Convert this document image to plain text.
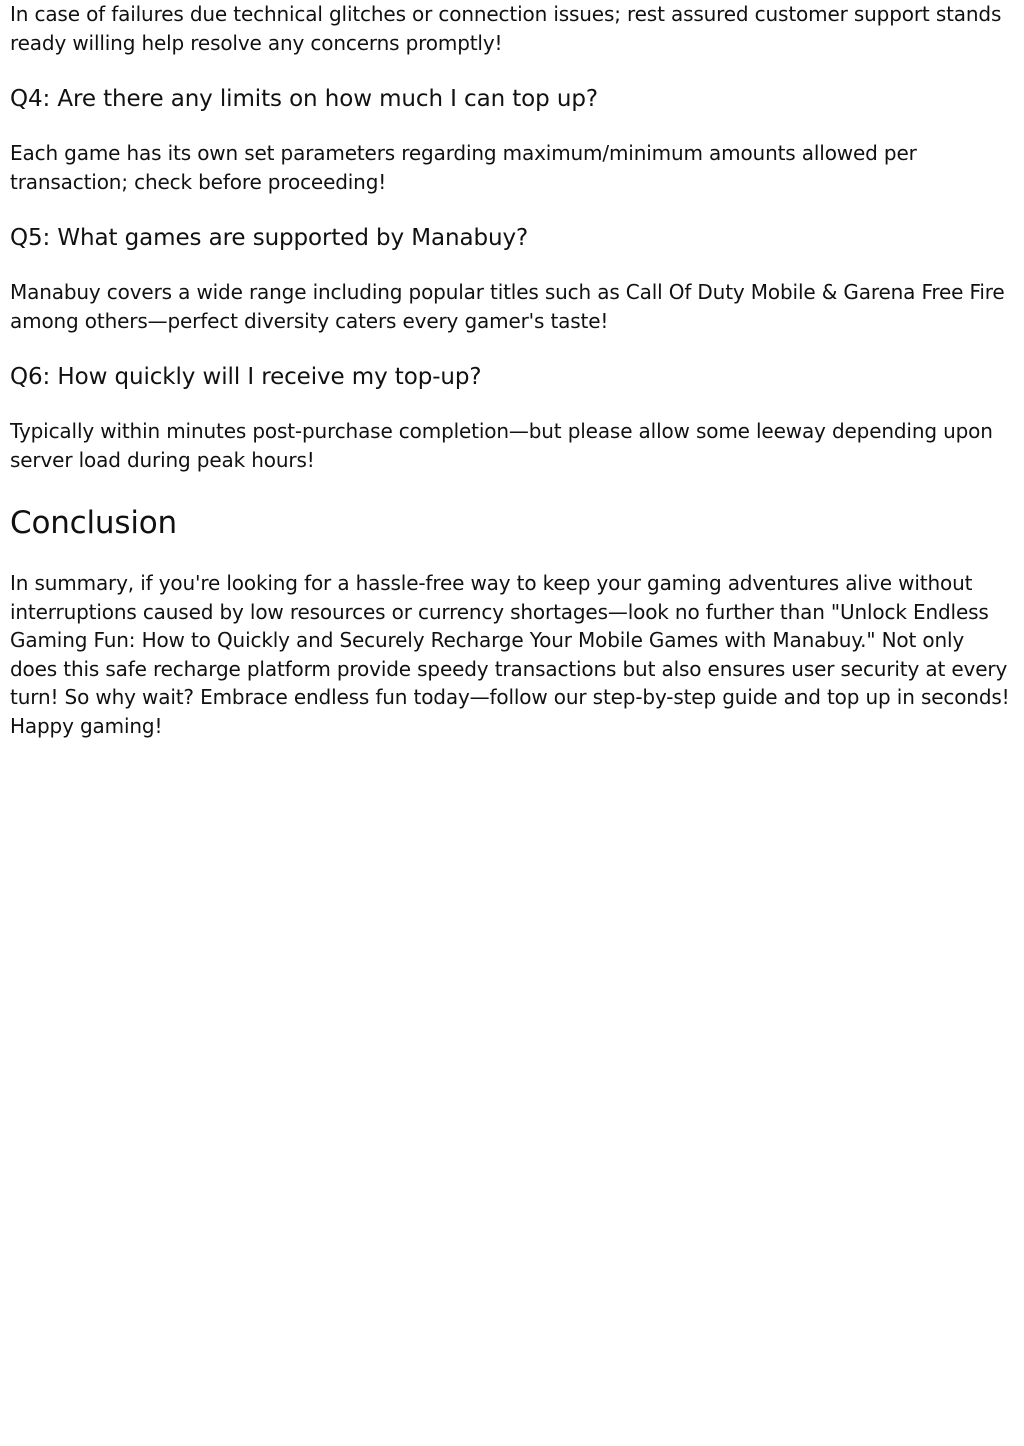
In case of failures due technical glitches or connection issues; rest assured customer support stands ready willing help resolve any concerns promptly!

Q4: Are there any limits on how much I can top up?

Each game has its own set parameters regarding maximum/minimum amounts allowed per transaction; check before proceeding!

Q5: What games are supported by Manabuy?

Manabuy covers a wide range including popular titles such as Call Of Duty Mobile & Garena Free Fire among others—perfect diversity caters every gamer's taste!

Q6: How quickly will I receive my top-up?

Typically within minutes post-purchase completion—but please allow some leeway depending upon server load during peak hours!

Conclusion

In summary, if you're looking for a hassle-free way to keep your gaming adventures alive without interruptions caused by low resources or currency shortages—look no further than "Unlock Endless Gaming Fun: How to Quickly and Securely Recharge Your Mobile Games with Manabuy." Not only does this safe recharge platform provide speedy transactions but also ensures user security at every turn! So why wait? Embrace endless fun today—follow our step-by-step guide and top up in seconds! Happy gaming!
